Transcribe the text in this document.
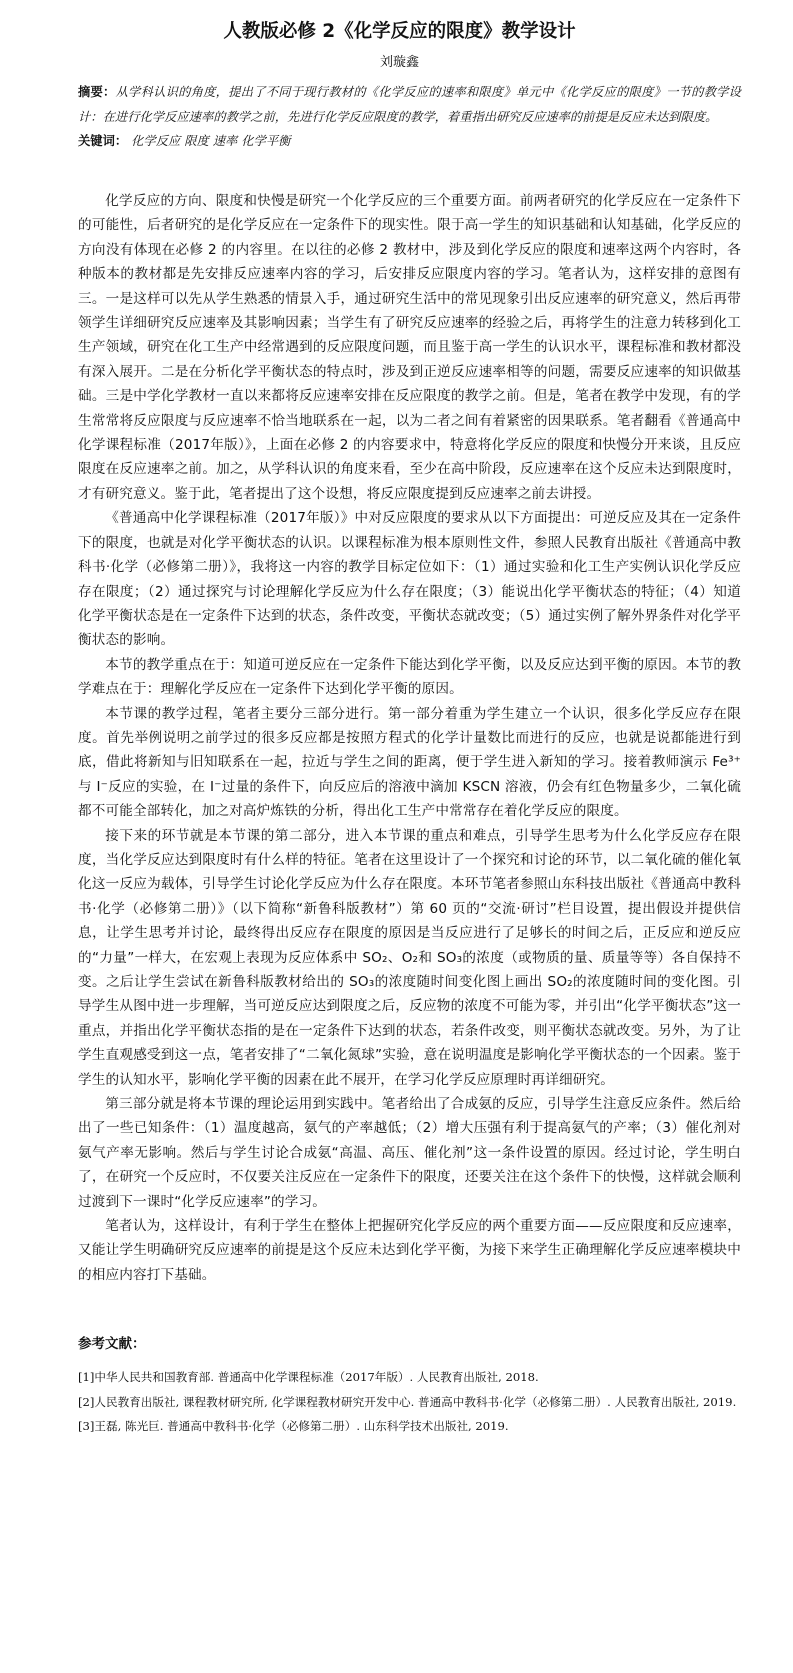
人教版必修 2《化学反应的限度》教学设计
刘璇鑫
摘要：从学科认识的角度，提出了不同于现行教材的《化学反应的速率和限度》单元中《化学反应的限度》一节的教学设计：在进行化学反应速率的教学之前，先进行化学反应限度的教学，着重指出研究反应速率的前提是反应未达到限度。
关键词： 化学反应 限度 速率 化学平衡

化学反应的方向、限度和快慢是研究一个化学反应的三个重要方面。前两者研究的化学反应在一定条件下的可能性，后者研究的是化学反应在一定条件下的现实性。限于高一学生的知识基础和认知基础，化学反应的方向没有体现在必修 2 的内容里。在以往的必修 2 教材中，涉及到化学反应的限度和速率这两个内容时，各种版本的教材都是先安排反应速率内容的学习，后安排反应限度内容的学习。笔者认为，这样安排的意图有三。一是这样可以先从学生熟悉的情景入手，通过研究生活中的常见现象引出反应速率的研究意义，然后再带领学生详细研究反应速率及其影响因素；当学生有了研究反应速率的经验之后，再将学生的注意力转移到化工生产领域，研究在化工生产中经常遇到的反应限度问题，而且鉴于高一学生的认识水平，课程标准和教材都没有深入展开。二是在分析化学平衡状态的特点时，涉及到正逆反应速率相等的问题，需要反应速率的知识做基础。三是中学化学教材一直以来都将反应速率安排在反应限度的教学之前。但是，笔者在教学中发现，有的学生常常将反应限度与反应速率不恰当地联系在一起，以为二者之间有着紧密的因果联系。笔者翻看《普通高中化学课程标准（2017年版）》，上面在必修 2 的内容要求中，特意将化学反应的限度和快慢分开来谈，且反应限度在反应速率之前。加之，从学科认识的角度来看，至少在高中阶段，反应速率在这个反应未达到限度时，才有研究意义。鉴于此，笔者提出了这个设想，将反应限度提到反应速率之前去讲授。

《普通高中化学课程标准（2017年版）》中对反应限度的要求从以下方面提出：可逆反应及其在一定条件下的限度，也就是对化学平衡状态的认识。以课程标准为根本原则性文件，参照人民教育出版社《普通高中教科书·化学（必修第二册）》，我将这一内容的教学目标定位如下：（1）通过实验和化工生产实例认识化学反应存在限度；（2）通过探究与讨论理解化学反应为什么存在限度；（3）能说出化学平衡状态的特征；（4）知道化学平衡状态是在一定条件下达到的状态，条件改变，平衡状态就改变；（5）通过实例了解外界条件对化学平衡状态的影响。

本节的教学重点在于：知道可逆反应在一定条件下能达到化学平衡，以及反应达到平衡的原因。本节的教学难点在于：理解化学反应在一定条件下达到化学平衡的原因。

本节课的教学过程，笔者主要分三部分进行。第一部分着重为学生建立一个认识，很多化学反应存在限度。首先举例说明之前学过的很多反应都是按照方程式的化学计量数比而进行的反应，也就是说都能进行到底，借此将新知与旧知联系在一起，拉近与学生之间的距离，便于学生进入新知的学习。接着教师演示 Fe³⁺与 I⁻反应的实验，在 I⁻过量的条件下，向反应后的溶液中滴加 KSCN 溶液，仍会有红色物量多少，二氧化硫都不可能全部转化，加之对高炉炼铁的分析，得出化工生产中常常存在着化学反应的限度。

接下来的环节就是本节课的第二部分，进入本节课的重点和难点，引导学生思考为什么化学反应存在限度，当化学反应达到限度时有什么样的特征。笔者在这里设计了一个探究和讨论的环节，以二氧化硫的催化氧化这一反应为载体，引导学生讨论化学反应为什么存在限度。本环节笔者参照山东科技出版社《普通高中教科书·化学（必修第二册）》（以下简称“新鲁科版教材”）第 60 页的“交流·研讨”栏目设置，提出假设并提供信息，让学生思考并讨论，最终得出反应存在限度的原因是当反应进行了足够长的时间之后，正反应和逆反应的“力量”一样大，在宏观上表现为反应体系中 SO₂、O₂和 SO₃的浓度（或物质的量、质量等等）各自保持不变。之后让学生尝试在新鲁科版教材给出的 SO₃的浓度随时间变化图上画出 SO₂的浓度随时间的变化图。引导学生从图中进一步理解，当可逆反应达到限度之后，反应物的浓度不可能为零，并引出“化学平衡状态”这一重点，并指出化学平衡状态指的是在一定条件下达到的状态，若条件改变，则平衡状态就改变。另外，为了让学生直观感受到这一点，笔者安排了“二氧化氮球”实验，意在说明温度是影响化学平衡状态的一个因素。鉴于学生的认知水平，影响化学平衡的因素在此不展开，在学习化学反应原理时再详细研究。

第三部分就是将本节课的理论运用到实践中。笔者给出了合成氨的反应，引导学生注意反应条件。然后给出了一些已知条件：（1）温度越高，氨气的产率越低；（2）增大压强有利于提高氨气的产率；（3）催化剂对氨气产率无影响。然后与学生讨论合成氨“高温、高压、催化剂”这一条件设置的原因。经过讨论，学生明白了，在研究一个反应时，不仅要关注反应在一定条件下的限度，还要关注在这个条件下的快慢，这样就会顺利过渡到下一课时“化学反应速率”的学习。

笔者认为，这样设计，有利于学生在整体上把握研究化学反应的两个重要方面——反应限度和反应速率，又能让学生明确研究反应速率的前提是这个反应未达到化学平衡，为接下来学生正确理解化学反应速率模块中的相应内容打下基础。

参考文献：

[1]中华人民共和国教育部. 普通高中化学课程标准（2017年版）. 人民教育出版社, 2018.

[2]人民教育出版社, 课程教材研究所, 化学课程教材研究开发中心. 普通高中教科书·化学（必修第二册）. 人民教育出版社, 2019.

[3]王磊, 陈光巨. 普通高中教科书·化学（必修第二册）. 山东科学技术出版社, 2019.
